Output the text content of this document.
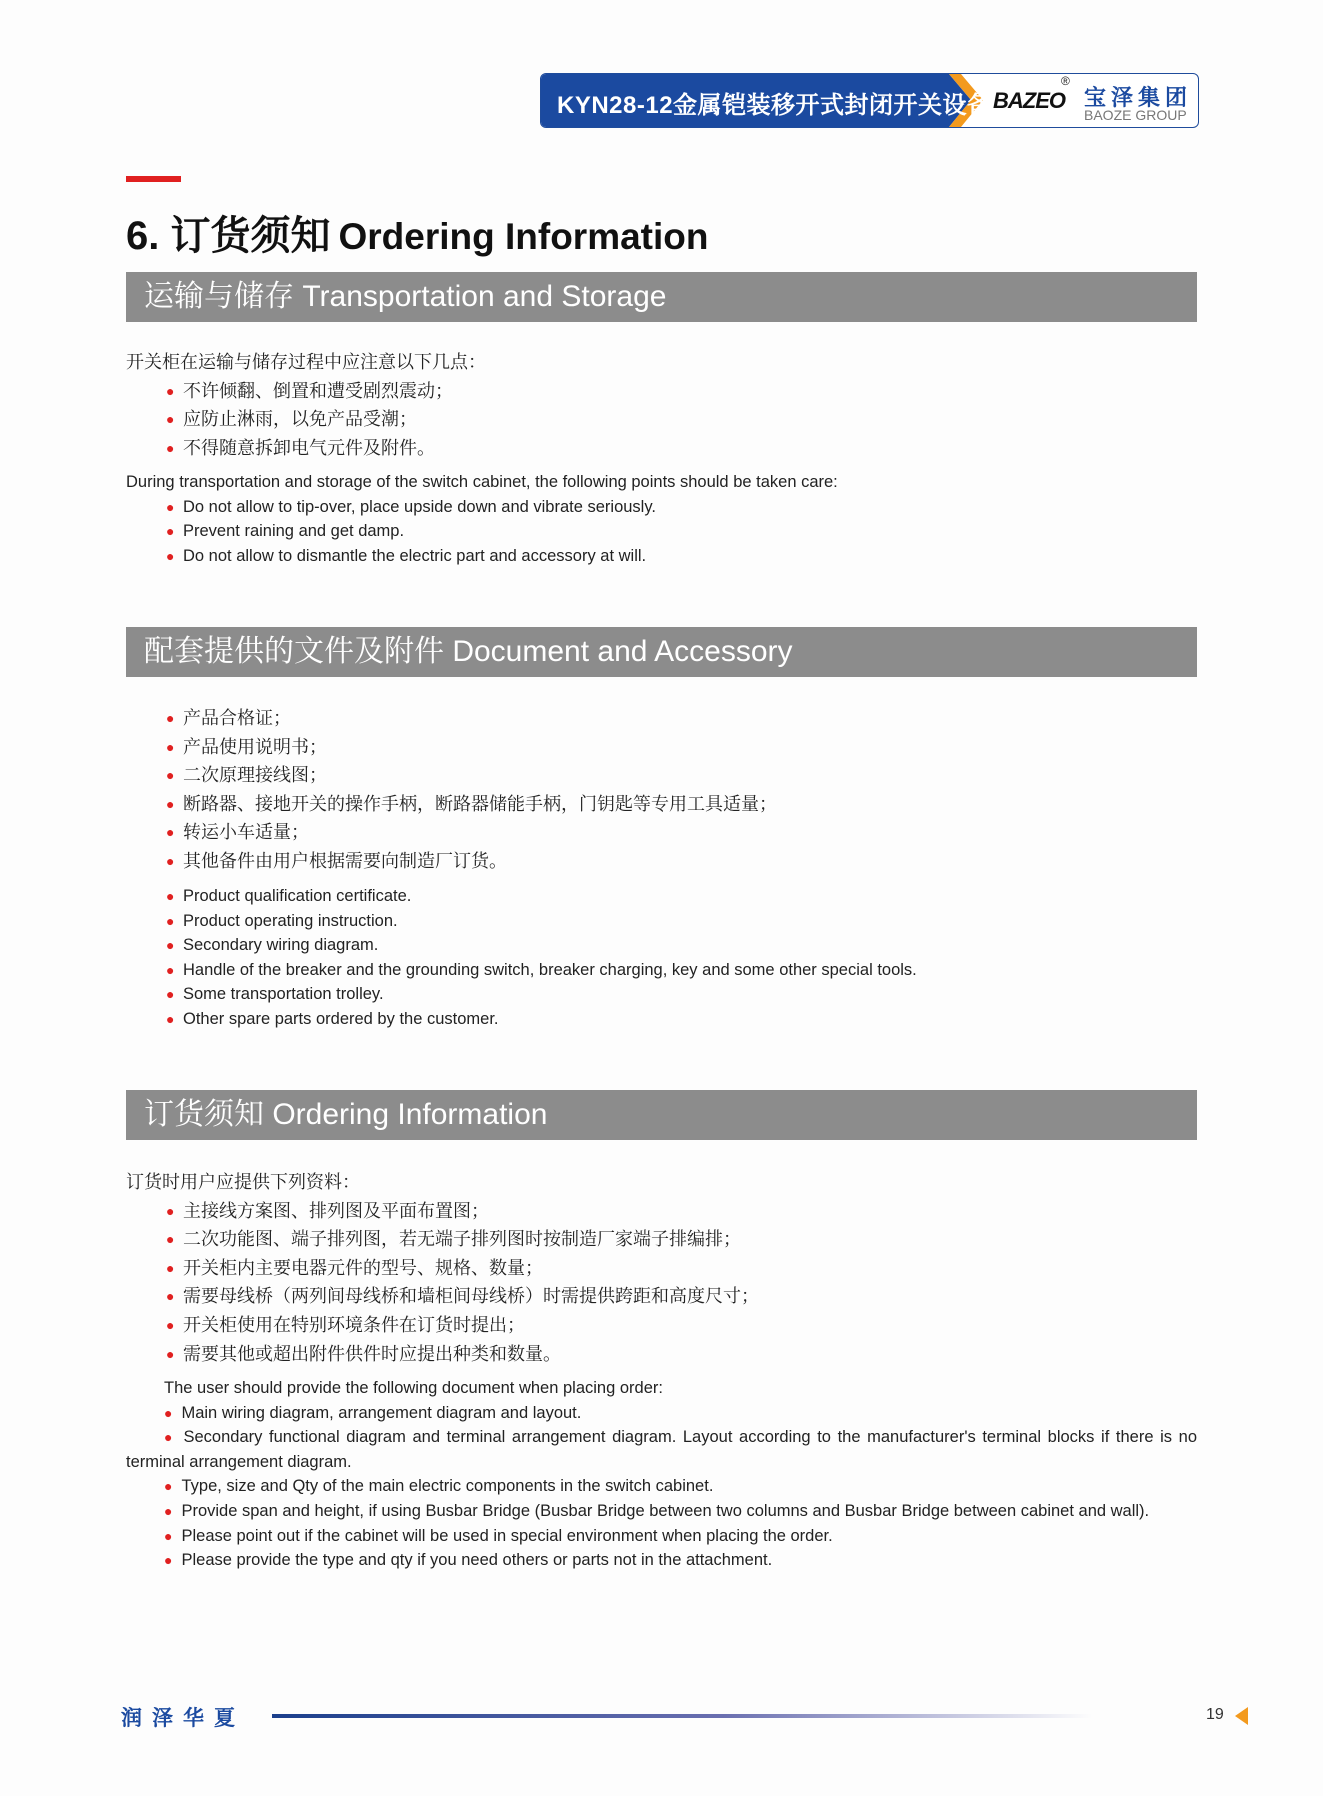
KYN28-12金属铠装移开式封闭开关设备 BAZEO
®
宝泽集团
BAOZE GROUP
6. 订货须知 Ordering Information
运输与储存 Transportation and Storage
开关柜在运输与储存过程中应注意以下几点：
● 不许倾翻、倒置和遭受剧烈震动；
● 应防止淋雨，以免产品受潮；
● 不得随意拆卸电气元件及附件。
During transportation and storage of the switch cabinet, the following points should be taken care:
● Do not allow to tip-over, place upside down and vibrate seriously.
● Prevent raining and get damp.
● Do not allow to dismantle the electric part and accessory at will.
配套提供的文件及附件 Document and Accessory
● 产品合格证；
● 产品使用说明书；
● 二次原理接线图；
● 断路器、接地开关的操作手柄，断路器储能手柄，门钥匙等专用工具适量；
● 转运小车适量；
● 其他备件由用户根据需要向制造厂订货。
● Product qualification certificate.
● Product operating instruction.
● Secondary wiring diagram.
● Handle of the breaker and the grounding switch, breaker charging, key and some other special tools.
● Some transportation trolley.
● Other spare parts ordered by the customer.
订货须知 Ordering Information
订货时用户应提供下列资料：
● 主接线方案图、排列图及平面布置图；
● 二次功能图、端子排列图，若无端子排列图时按制造厂家端子排编排；
● 开关柜内主要电器元件的型号、规格、数量；
● 需要母线桥（两列间母线桥和墙柜间母线桥）时需提供跨距和高度尺寸；
● 开关柜使用在特别环境条件在订货时提出；
● 需要其他或超出附件供件时应提出种类和数量。
The user should provide the following document when placing order:
● Main wiring diagram, arrangement diagram and layout.
● Secondary functional diagram and terminal arrangement diagram. Layout according to the manufacturer's terminal blocks if there is no terminal arrangement diagram.
● Type, size and Qty of the main electric components in the switch cabinet.
● Provide span and height, if using Busbar Bridge (Busbar Bridge between two columns and Busbar Bridge between cabinet and wall).
● Please point out if the cabinet will be used in special environment when placing the order.
● Please provide the type and qty if you need others or parts not in the attachment.
润泽华夏	19
